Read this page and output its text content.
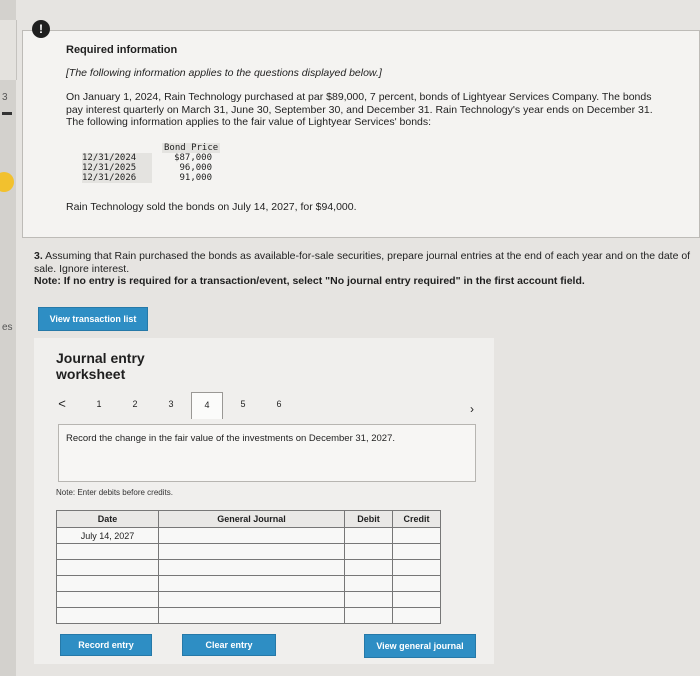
3
es
!
Required information
[The following information applies to the questions displayed below.]
On January 1, 2024, Rain Technology purchased at par $89,000, 7 percent, bonds of Lightyear Services Company. The bonds pay interest quarterly on March 31, June 30, September 30, and December 31. Rain Technology's year ends on December 31. The following information applies to the fair value of Lightyear Services' bonds:
Bond Price
12/31/2024	$87,000
12/31/2025	96,000
12/31/2026	91,000
Rain Technology sold the bonds on July 14, 2027, for $94,000.
3. Assuming that Rain purchased the bonds as available-for-sale securities, prepare journal entries at the end of each year and on the date of sale. Ignore interest.
Note: If no entry is required for a transaction/event, select "No journal entry required" in the first account field.
View transaction list
Journal entry
worksheet
<	1	2	3	4	5	6	›
Record the change in the fair value of the investments on December 31, 2027.
Note: Enter debits before credits.
Date	General Journal	Debit	Credit
July 14, 2027			

Record entry	Clear entry	View general journal
